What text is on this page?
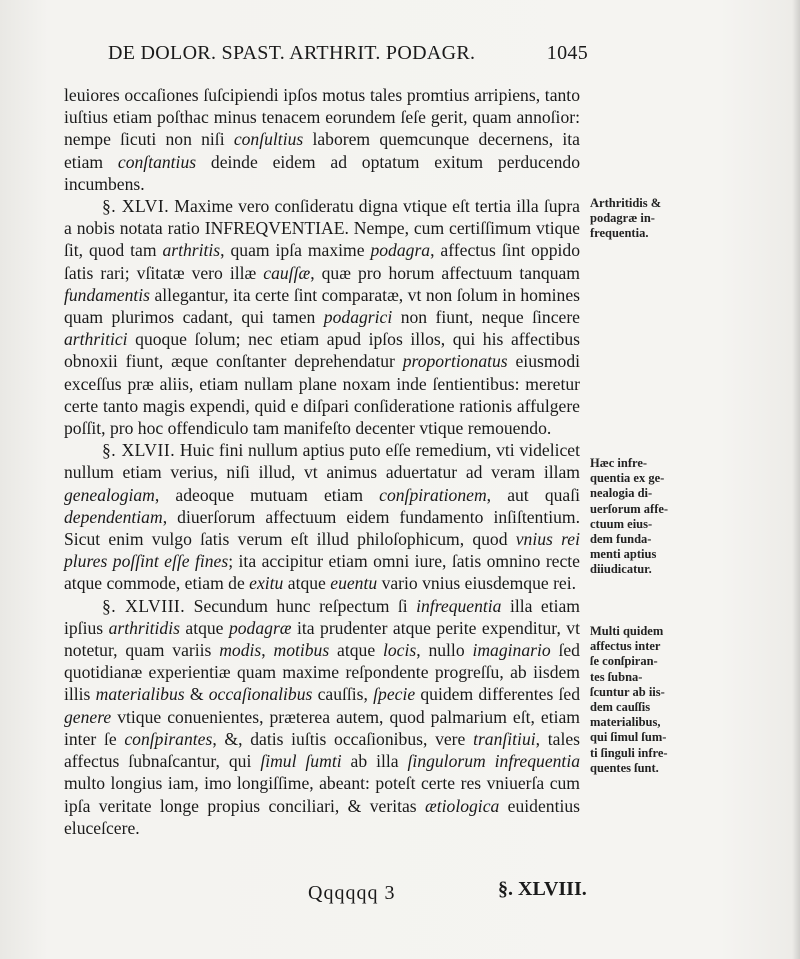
DE DOLOR. SPAST. ARTHRIT. PODAGR.	1045

leuiores occaſiones ſuſcipiendi ipſos motus tales promtius arripiens, tanto iuſtius etiam poſthac minus tenacem eorundem ſeſe gerit, quam annoſior: nempe ſicuti non niſi conſultius laborem quemcunque decernens, ita etiam conſtantius deinde eidem ad optatum exitum perducendo incumbens.

§. XLVI. Maxime vero conſideratu digna vtique eſt tertia illa ſupra a nobis notata ratio INFREQVENTIAE. Nempe, cum certiſſimum vtique ſit, quod tam arthritis, quam ipſa maxime podagra, affectus ſint oppido ſatis rari; vſitatæ vero illæ cauſſæ, quæ pro horum affectuum tanquam fundamentis allegantur, ita certe ſint comparatæ, vt non ſolum in homines quam plurimos cadant, qui tamen podagrici non fiunt, neque ſincere arthritici quoque ſolum; nec etiam apud ipſos illos, qui his affectibus obnoxii fiunt, æque conſtanter deprehendatur proportionatus eiusmodi exceſſus præ aliis, etiam nullam plane noxam inde ſentientibus: meretur certe tanto magis expendi, quid e diſpari conſideratione rationis affulgere poſſit, pro hoc offendiculo tam manifeſto decenter vtique remouendo.

§. XLVII. Huic fini nullum aptius puto eſſe remedium, vti videlicet nullum etiam verius, niſi illud, vt animus aduertatur ad veram illam genealogiam, adeoque mutuam etiam conſpirationem, aut quaſi dependentiam, diuerſorum affectuum eidem fundamento inſiſtentium. Sicut enim vulgo ſatis verum eſt illud philoſophicum, quod vnius rei plures poſſint eſſe fines; ita accipitur etiam omni iure, ſatis omnino recte atque commode, etiam de exitu atque euentu vario vnius eiusdemque rei.

§. XLVIII. Secundum hunc reſpectum ſi infrequentia illa etiam ipſius arthritidis atque podagræ ita prudenter atque perite expenditur, vt notetur, quam variis modis, motibus atque locis, nullo imaginario ſed quotidianæ experientiæ quam maxime reſpondente progreſſu, ab iisdem illis materialibus & occaſionalibus cauſſis, ſpecie quidem differentes ſed genere vtique conuenientes, præterea autem, quod palmarium eſt, etiam inter ſe conſpirantes, &, datis iuſtis occaſionibus, vere tranſitiui, tales affectus ſubnaſcantur, qui ſimul ſumti ab illa ſingulorum infrequentia multo longius iam, imo longiſſime, abeant: poteſt certe res vniuerſa cum ipſa veritate longe propius conciliari, & veritas ætiologica euidentius eluceſcere.

Arthritidis &
podagræ in-
frequentia.
Hæc infre-
quentia ex ge-
nealogia di-
uerſorum affe-
ctuum eius-
dem funda-
menti aptius
diiudicatur.
Multi quidem
affectus inter
ſe conſpiran-
tes ſubna-
ſcuntur ab iis-
dem cauſſis
materialibus,
qui ſimul ſum-
ti ſinguli infre-
quentes ſunt.
Qqqqqq 3	§. XLVIII.
